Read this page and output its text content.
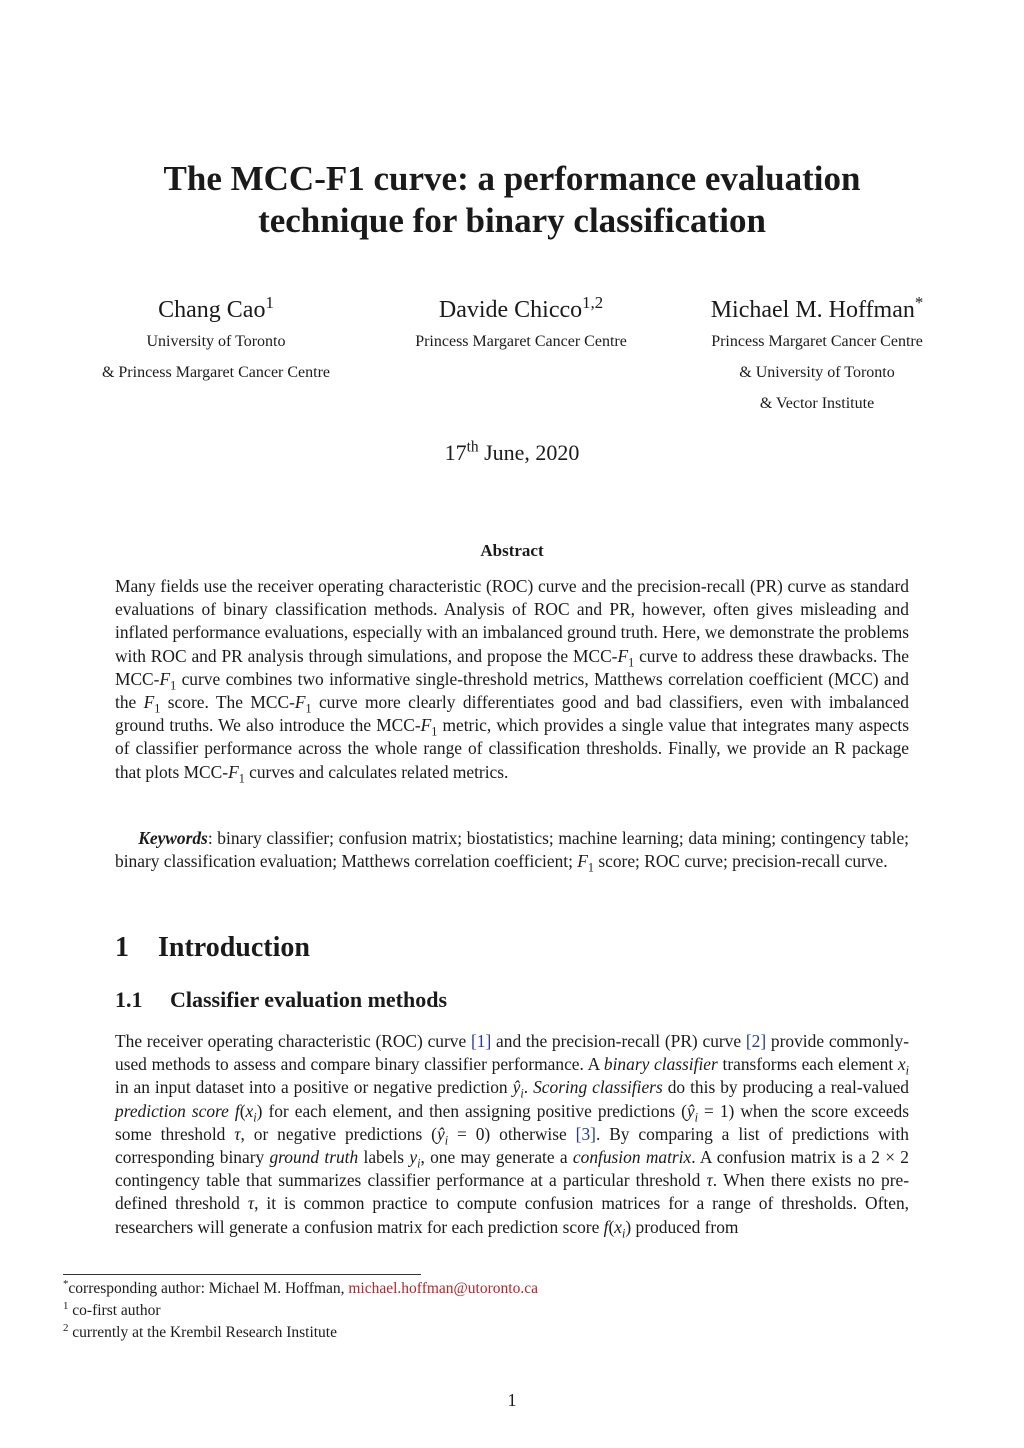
The MCC-F1 curve: a performance evaluation
technique for binary classification
Chang Cao$^1$
University of Toronto
& Princess Margaret Cancer Centre
Davide Chicco$^{1,2}$
Princess Margaret Cancer Centre
Michael M. Hoffman*
Princess Margaret Cancer Centre
& University of Toronto
& Vector Institute
17th June, 2020
Abstract

Many fields use the receiver operating characteristic (ROC) curve and the precision-recall (PR) curve as standard evaluations of binary classification methods. Analysis of ROC and PR, however, often gives misleading and inflated performance evaluations, especially with an imbalanced ground truth. Here, we demonstrate the problems with ROC and PR analysis through simulations, and propose the MCC-$F_1$ curve to address these drawbacks. The MCC-$F_1$ curve combines two informative single-threshold metrics, Matthews correlation coefficient (MCC) and the $F_1$ score. The MCC-$F_1$ curve more clearly differentiates good and bad classifiers, even with imbalanced ground truths. We also introduce the MCC-$F_1$ metric, which provides a single value that integrates many aspects of classifier performance across the whole range of classification thresholds. Finally, we provide an R package that plots MCC-$F_1$ curves and calculates related metrics.

Keywords: binary classifier; confusion matrix; biostatistics; machine learning; data mining; contingency table; binary classification evaluation; Matthews correlation coefficient; $F_1$ score; ROC curve; precision-recall curve.

1 Introduction
1.1 Classifier evaluation methods

The receiver operating characteristic (ROC) curve [1] and the precision-recall (PR) curve [2] provide commonly-used methods to assess and compare binary classifier performance. A binary classifier transforms each element $x_i$ in an input dataset into a positive or negative prediction $ŷ_i$. Scoring classifiers do this by producing a real-valued prediction score $f(x_i)$ for each element, and then assigning positive predictions $(ŷ_i = 1)$ when the score exceeds some threshold τ, or negative predictions $(ŷ_i = 0)$ otherwise [3]. By comparing a list of predictions with corresponding binary ground truth labels $y_i$, one may generate a confusion matrix. A confusion matrix is a 2 × 2 contingency table that summarizes classifier performance at a particular threshold τ. When there exists no pre-defined threshold τ, it is common practice to compute confusion matrices for a range of thresholds. Often, researchers will generate a confusion matrix for each prediction score $f(x_i)$ produced from

*corresponding author: Michael M. Hoffman, michael.hoffman@utoronto.ca
$^1$ co-first author
$^2$ currently at the Krembil Research Institute
1
